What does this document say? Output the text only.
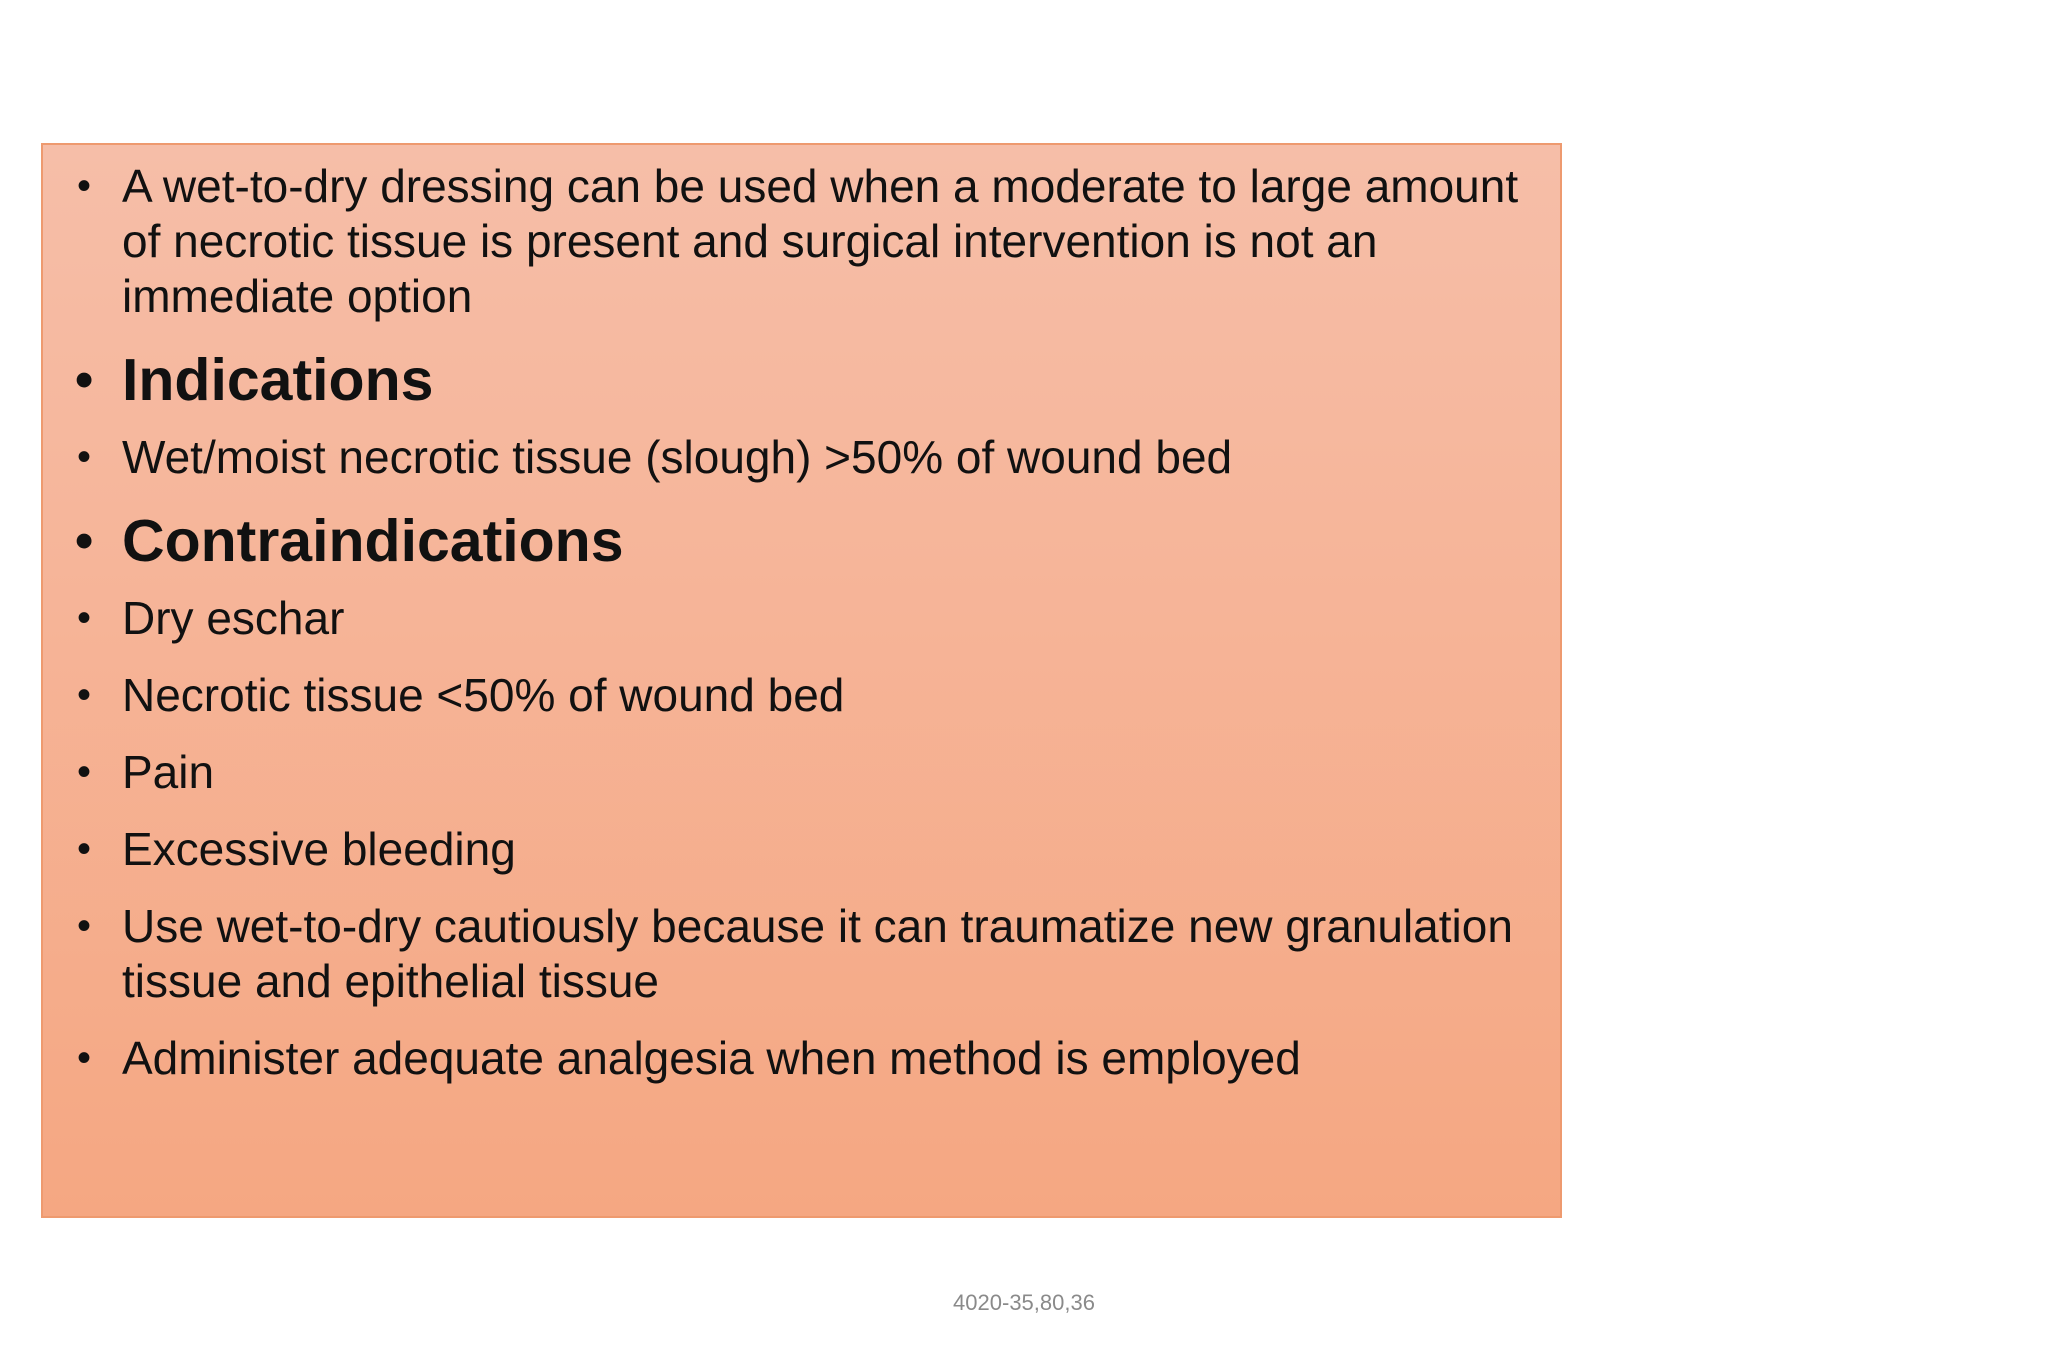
• A wet-to-dry dressing can be used when a moderate to large amount of necrotic tissue is present and surgical intervention is not an immediate option
• Indications
• Wet/moist necrotic tissue (slough) >50% of wound bed
• Contraindications
• Dry eschar
• Necrotic tissue <50% of wound bed
• Pain
• Excessive bleeding
• Use wet-to-dry cautiously because it can traumatize new granulation tissue and epithelial tissue
• Administer adequate analgesia when method is employed
4020-35,80,36
